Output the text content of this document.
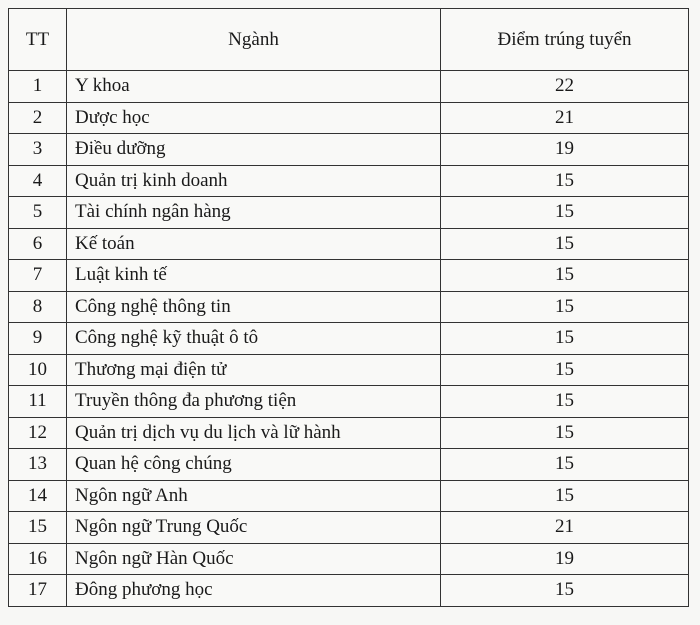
TT	Ngành	Điểm trúng tuyển
1	Y khoa	22
2	Dược học	21
3	Điều dưỡng	19
4	Quản trị kinh doanh	15
5	Tài chính ngân hàng	15
6	Kế toán	15
7	Luật kinh tế	15
8	Công nghệ thông tin	15
9	Công nghệ kỹ thuật ô tô	15
10	Thương mại điện tử	15
11	Truyền thông đa phương tiện	15
12	Quản trị dịch vụ du lịch và lữ hành	15
13	Quan hệ công chúng	15
14	Ngôn ngữ Anh	15
15	Ngôn ngữ Trung Quốc	21
16	Ngôn ngữ Hàn Quốc	19
17	Đông phương học	15
